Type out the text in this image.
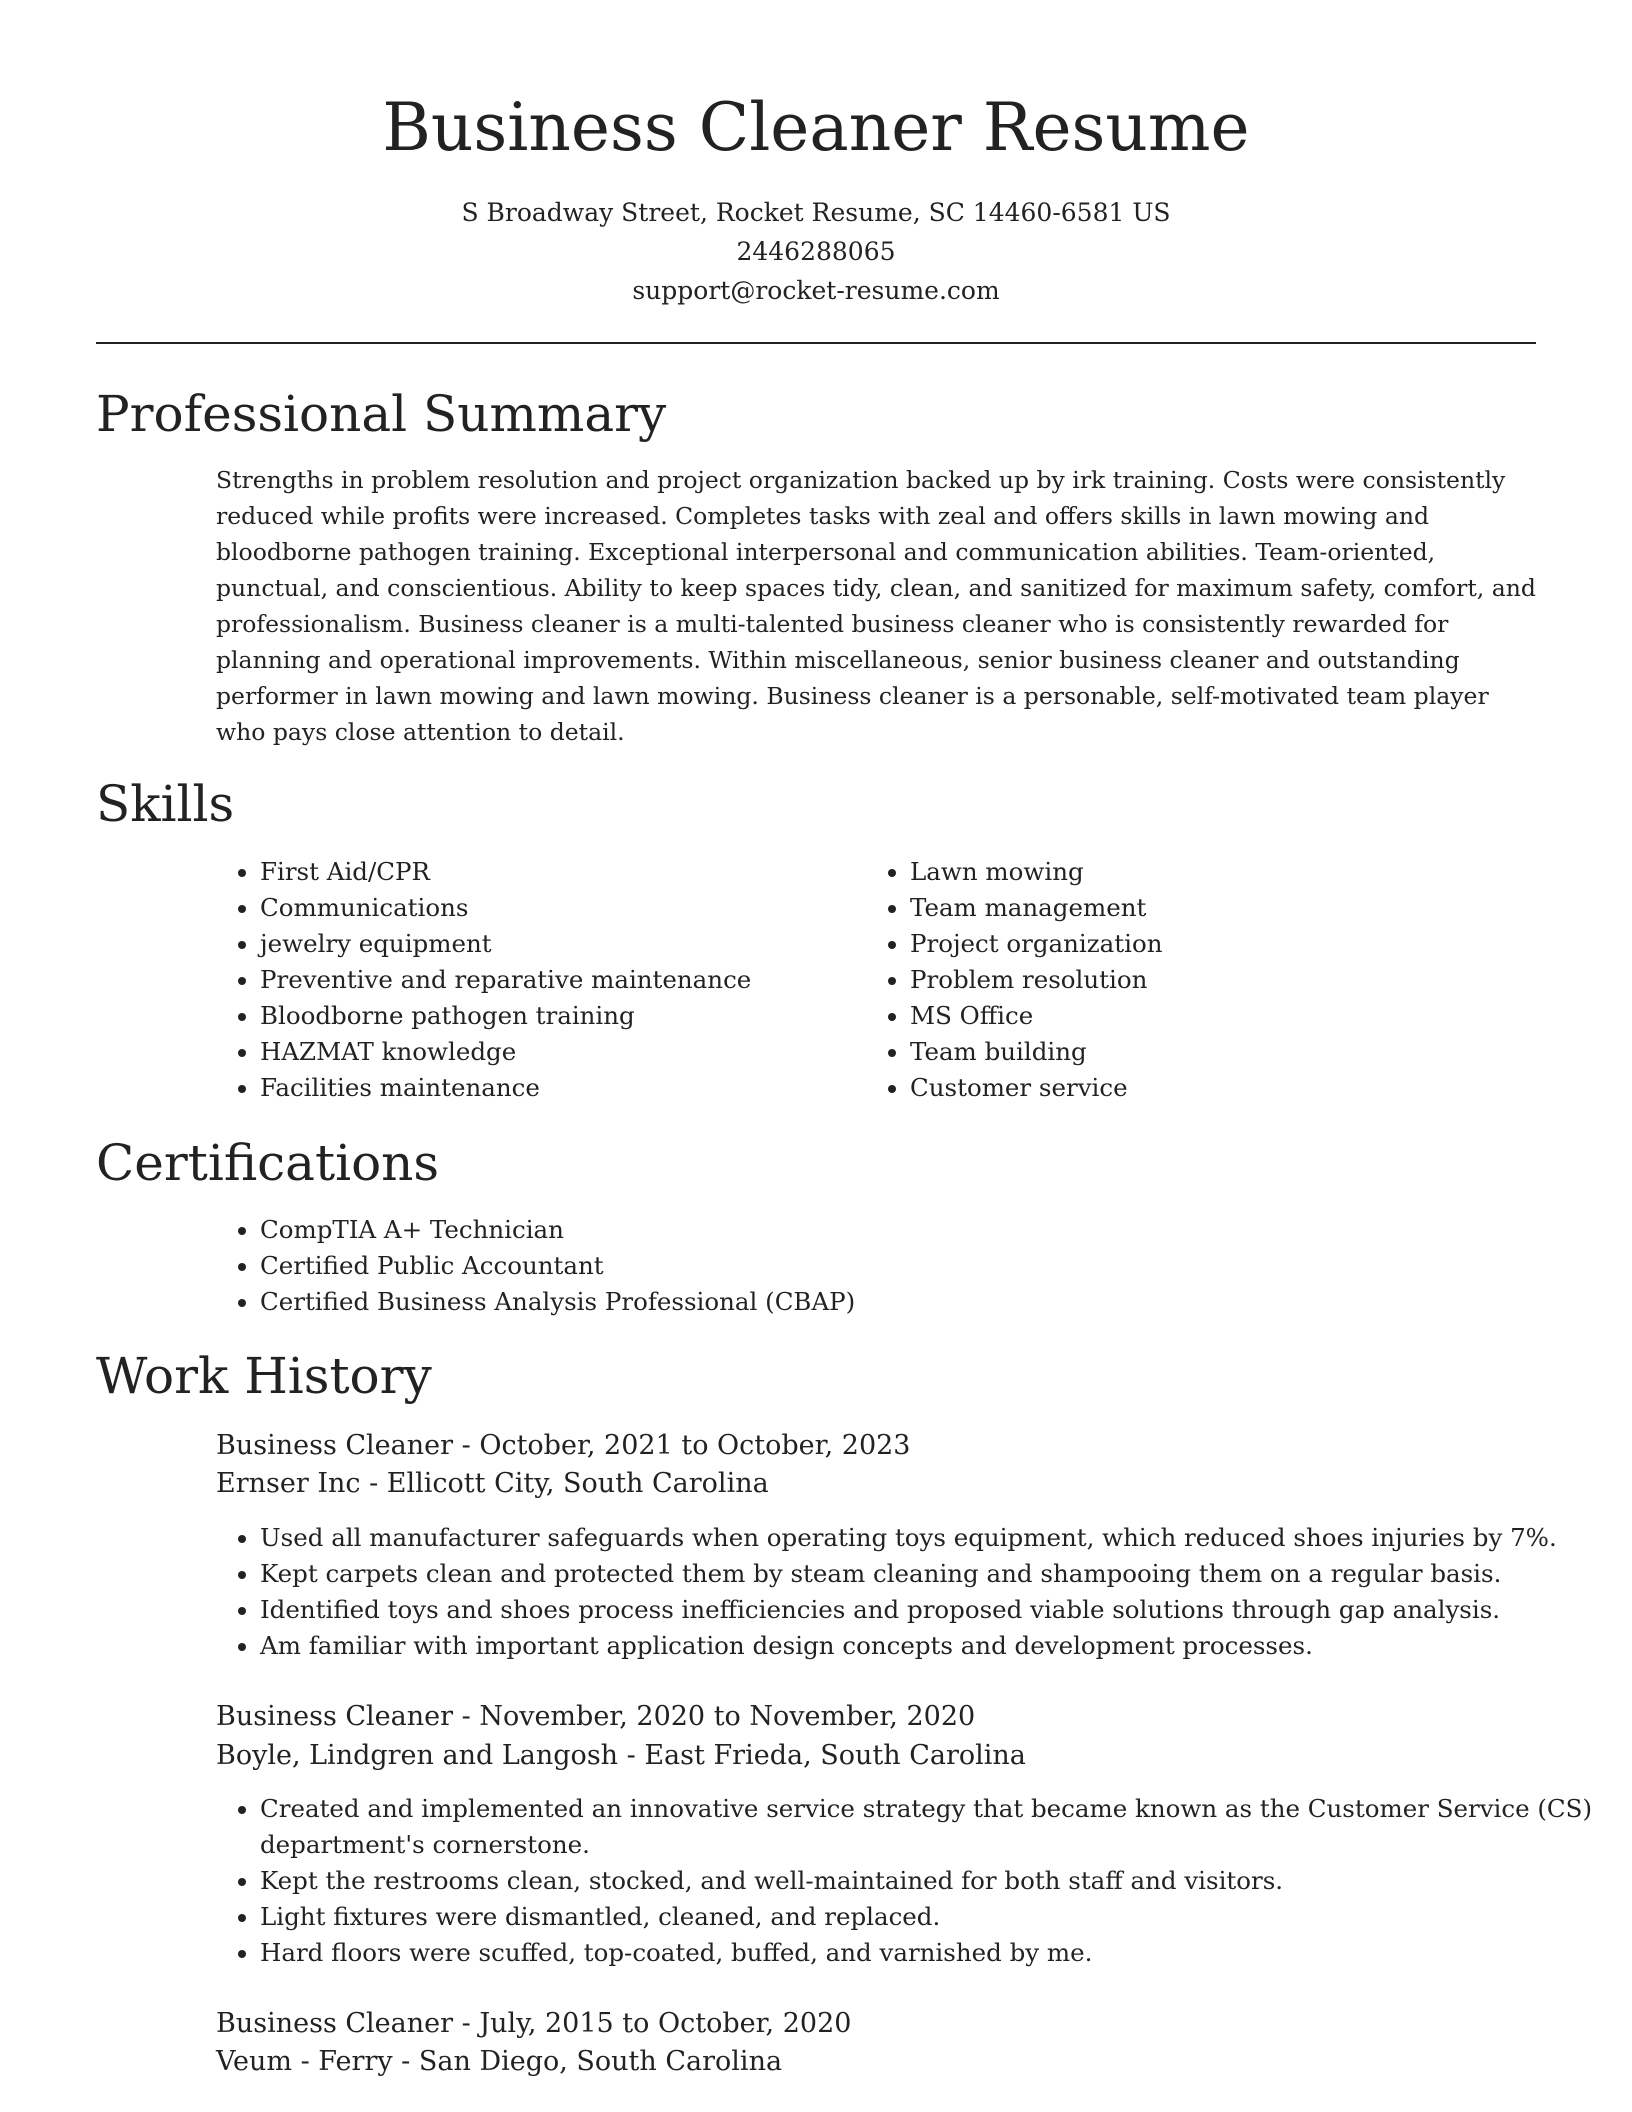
Business Cleaner Resume
S Broadway Street, Rocket Resume, SC 14460-6581 US
2446288065
support@rocket-resume.com
Professional Summary

Strengths in problem resolution and project organization backed up by irk training. Costs were consistently reduced while profits were increased. Completes tasks with zeal and offers skills in lawn mowing and bloodborne pathogen training. Exceptional interpersonal and communication abilities. Team-oriented, punctual, and conscientious. Ability to keep spaces tidy, clean, and sanitized for maximum safety, comfort, and professionalism. Business cleaner is a multi-talented business cleaner who is consistently rewarded for planning and operational improvements. Within miscellaneous, senior business cleaner and outstanding performer in lawn mowing and lawn mowing. Business cleaner is a personable, self-motivated team player who pays close attention to detail.

Skills
• First Aid/CPR
• Communications
• jewelry equipment
• Preventive and reparative maintenance
• Bloodborne pathogen training
• HAZMAT knowledge
• Facilities maintenance
• Lawn mowing
• Team management
• Project organization
• Problem resolution
• MS Office
• Team building
• Customer service
Certifications
• CompTIA A+ Technician
• Certified Public Accountant
• Certified Business Analysis Professional (CBAP)
Work History
Business Cleaner - October, 2021 to October, 2023
Ernser Inc - Ellicott City, South Carolina
• Used all manufacturer safeguards when operating toys equipment, which reduced shoes injuries by 7%.
• Kept carpets clean and protected them by steam cleaning and shampooing them on a regular basis.
• Identified toys and shoes process inefficiencies and proposed viable solutions through gap analysis.
• Am familiar with important application design concepts and development processes.
Business Cleaner - November, 2020 to November, 2020
Boyle, Lindgren and Langosh - East Frieda, South Carolina
• Created and implemented an innovative service strategy that became known as the Customer Service (CS)
department's cornerstone.
• Kept the restrooms clean, stocked, and well-maintained for both staff and visitors.
• Light fixtures were dismantled, cleaned, and replaced.
• Hard floors were scuffed, top-coated, buffed, and varnished by me.
Business Cleaner - July, 2015 to October, 2020
Veum - Ferry - San Diego, South Carolina
